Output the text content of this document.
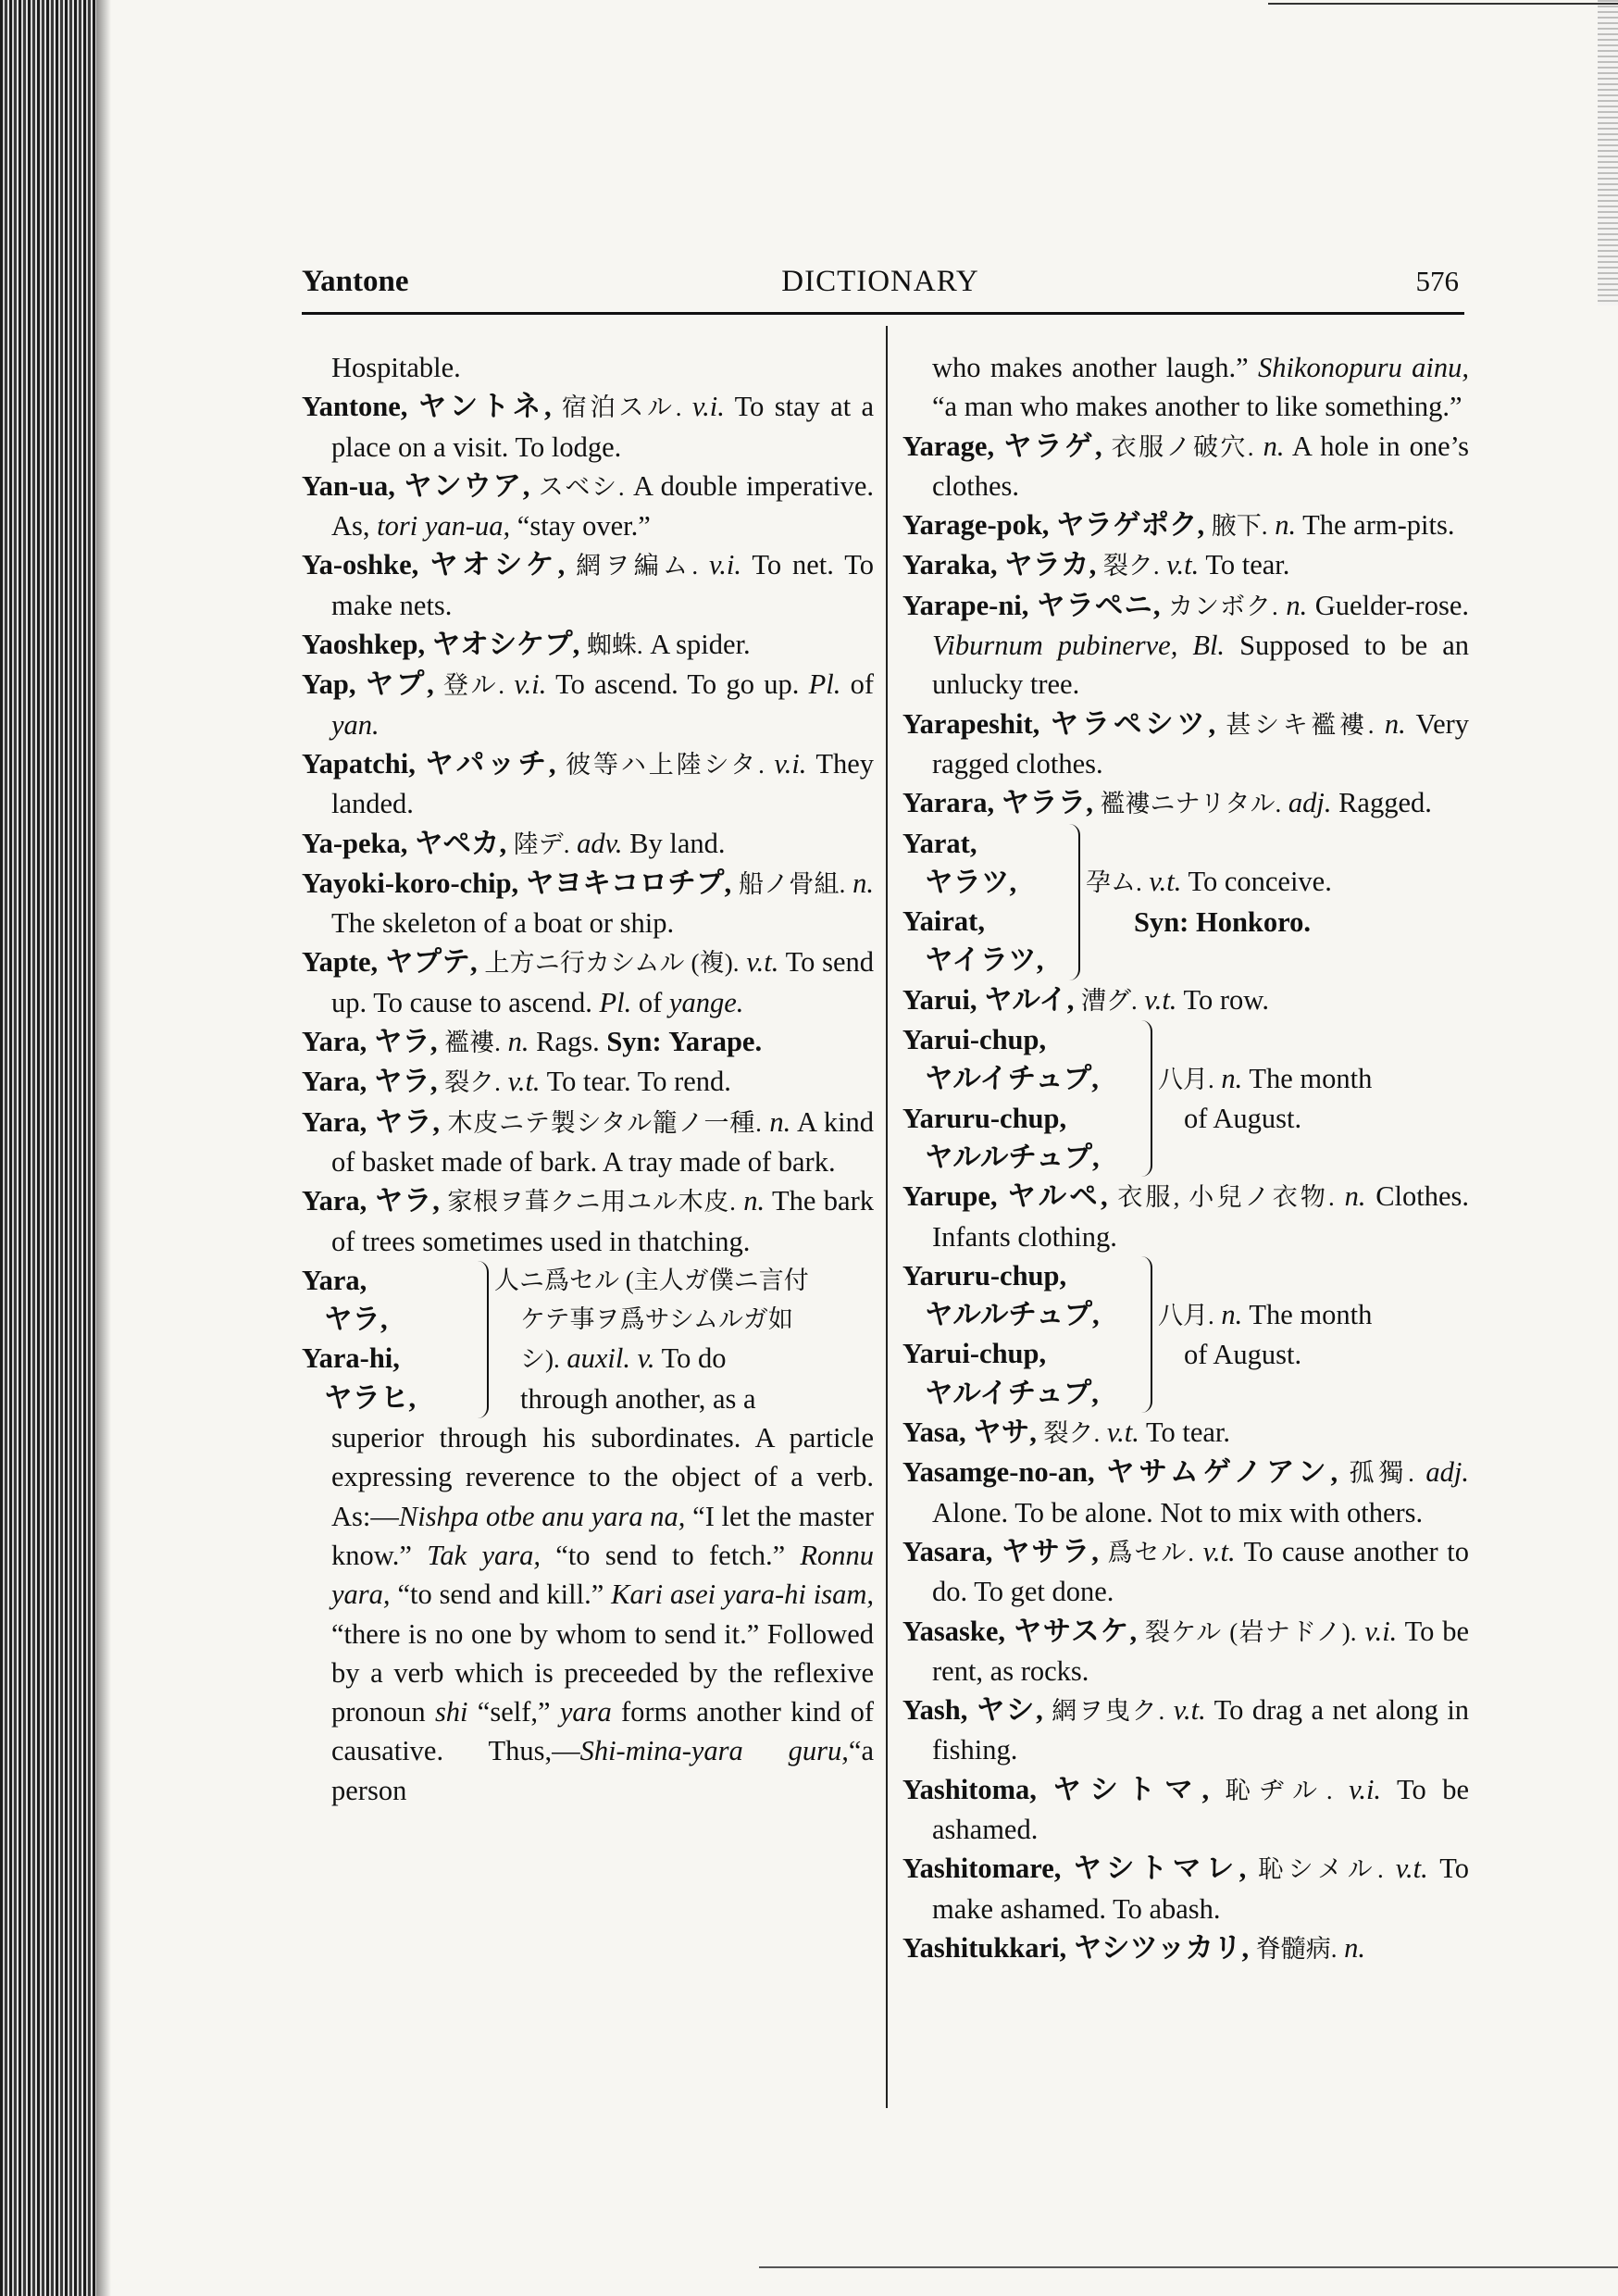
Yantone	DICTIONARY	576
Hospitable.
Yantone, ヤントネ, 宿泊スル. v.i. To stay at a place on a visit. To lodge.
Yan-ua, ヤンウア, スベシ. A double imperative. As, tori yan-ua, “stay over.”
Ya-oshke, ヤオシケ, 網ヲ編ム. v.i. To net. To make nets.
Yaoshkep, ヤオシケプ, 蜘蛛. A spider.
Yap, ヤプ, 登ル. v.i. To ascend. To go up. Pl. of yan.
Yapatchi, ヤパッチ, 彼等ハ上陸シタ. v.i. They landed.
Ya-peka, ヤペカ, 陸デ. adv. By land.
Yayoki-koro-chip, ヤヨキコロチプ, 船ノ骨組. n. The skeleton of a boat or ship.
Yapte, ヤプテ, 上方ニ行カシムル (複). v.t. To send up. To cause to ascend. Pl. of yange.
Yara, ヤラ, 襤褸. n. Rags. Syn: Yarape.
Yara, ヤラ, 裂ク. v.t. To tear. To rend.
Yara, ヤラ, 木皮ニテ製シタル籠ノ一種. n. A kind of basket made of bark. A tray made of bark.
Yara, ヤラ, 家根ヲ葺クニ用ユル木皮. n. The bark of trees sometimes used in thatching.
Yara,
ヤラ,
Yara-hi,
ヤラヒ,
人ニ爲セル (主人ガ僕ニ言付
ケテ事ヲ爲サシムルガ如
シ). auxil. v. To do
through another, as a
superior through his subordinates. A particle expressing reverence to the object of a verb. As:—Nishpa otbe anu yara na, “I let the master know.” Tak yara, “to send to fetch.” Ronnu yara, “to send and kill.” Kari asei yara-hi isam, “there is no one by whom to send it.” Followed by a verb which is preceeded by the reflexive pronoun shi “self,” yara forms another kind of causative. Thus,—Shi-mina-yara guru,“a person
who makes another laugh.” Shikonopuru ainu, “a man who makes another to like something.”
Yarage, ヤラゲ, 衣服ノ破穴. n. A hole in one’s clothes.
Yarage-pok, ヤラゲポク, 腋下. n. The arm-pits.
Yaraka, ヤラカ, 裂ク. v.t. To tear.
Yarape-ni, ヤラペニ, カンボク. n. Guelder-rose. Viburnum pubinerve, Bl. Supposed to be an unlucky tree.
Yarapeshit, ヤラペシツ, 甚シキ襤褸. n. Very ragged clothes.
Yarara, ヤララ, 襤褸ニナリタル. adj. Ragged.
Yarat,
ヤラツ,
Yairat,
ヤイラツ,
孕ム. v.t. To conceive.
Syn: Honkoro.
Yarui, ヤルイ, 漕グ. v.t. To row.
Yarui-chup,
ヤルイチュプ,
Yaruru-chup,
ヤルルチュプ,
八月. n. The month
of August.
Yarupe, ヤルペ, 衣服, 小兒ノ衣物. n. Clothes. Infants clothing.
Yaruru-chup,
ヤルルチュプ,
Yarui-chup,
ヤルイチュプ,
八月. n. The month
of August.
Yasa, ヤサ, 裂ク. v.t. To tear.
Yasamge-no-an, ヤサムゲノアン, 孤獨. adj. Alone. To be alone. Not to mix with others.
Yasara, ヤサラ, 爲セル. v.t. To cause another to do. To get done.
Yasaske, ヤサスケ, 裂ケル (岩ナドノ). v.i. To be rent, as rocks.
Yash, ヤシ, 網ヲ曳ク. v.t. To drag a net along in fishing.
Yashitoma, ヤシトマ, 恥ヂル. v.i. To be ashamed.
Yashitomare, ヤシトマレ, 恥シメル. v.t. To make ashamed. To abash.
Yashitukkari, ヤシツッカリ, 脊髓病. n.
